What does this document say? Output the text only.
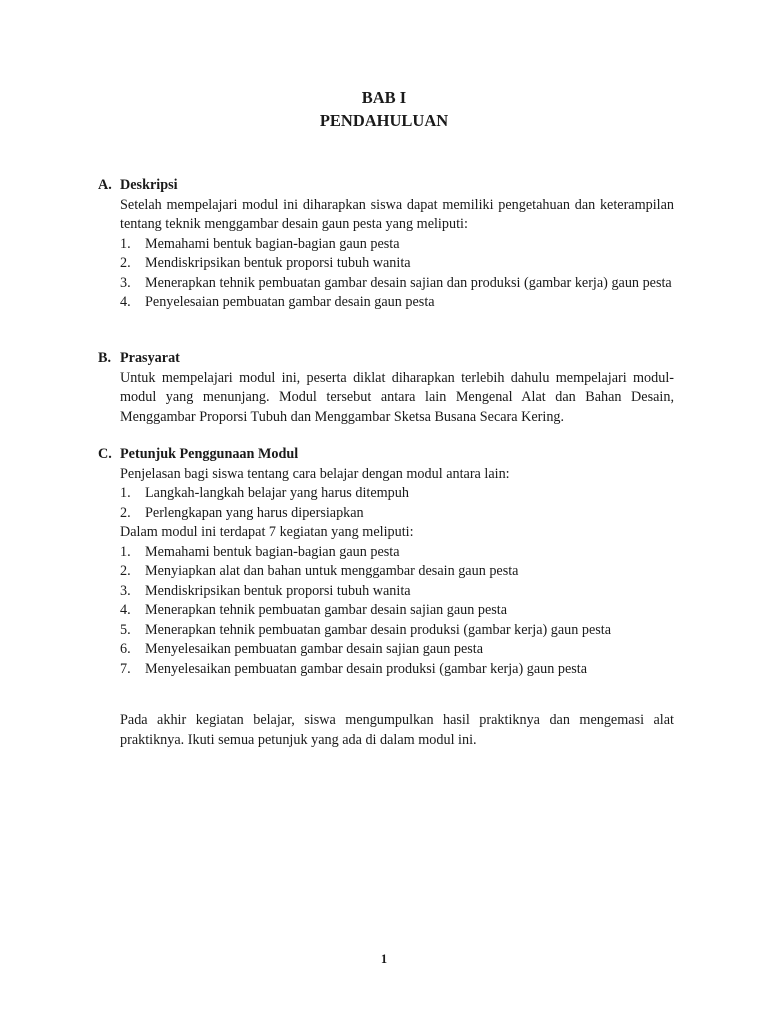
BAB I
PENDAHULUAN
A. Deskripsi

Setelah mempelajari modul ini diharapkan siswa dapat memiliki pengetahuan dan keterampilan tentang teknik menggambar desain gaun pesta yang meliputi:

1.	Memahami bentuk bagian-bagian gaun pesta
2.	Mendiskripsikan bentuk proporsi tubuh wanita
3.	Menerapkan tehnik pembuatan gambar desain sajian dan produksi (gambar kerja) gaun pesta
4.	Penyelesaian pembuatan gambar desain gaun pesta
B. Prasyarat

Untuk mempelajari modul ini, peserta diklat diharapkan terlebih dahulu mempelajari modul-modul yang menunjang. Modul tersebut antara lain Mengenal Alat dan Bahan Desain, Menggambar Proporsi Tubuh dan Menggambar Sketsa Busana Secara Kering.

C. Petunjuk Penggunaan Modul

Penjelasan bagi siswa tentang cara belajar dengan modul antara lain:

1.	Langkah-langkah belajar yang harus ditempuh
2.	Perlengkapan yang harus dipersiapkan

Dalam modul ini terdapat 7 kegiatan yang meliputi:

1.	Memahami bentuk bagian-bagian gaun pesta
2.	Menyiapkan alat dan bahan untuk menggambar desain gaun pesta
3.	Mendiskripsikan bentuk proporsi tubuh wanita
4.	Menerapkan tehnik pembuatan gambar desain sajian gaun pesta
5.	Menerapkan tehnik pembuatan gambar desain produksi (gambar kerja) gaun pesta
6.	Menyelesaikan pembuatan gambar desain sajian gaun pesta
7.	Menyelesaikan pembuatan gambar desain produksi (gambar kerja) gaun pesta

Pada akhir kegiatan belajar, siswa mengumpulkan hasil praktiknya dan mengemasi alat praktiknya. Ikuti semua petunjuk yang ada di dalam modul ini.

1
